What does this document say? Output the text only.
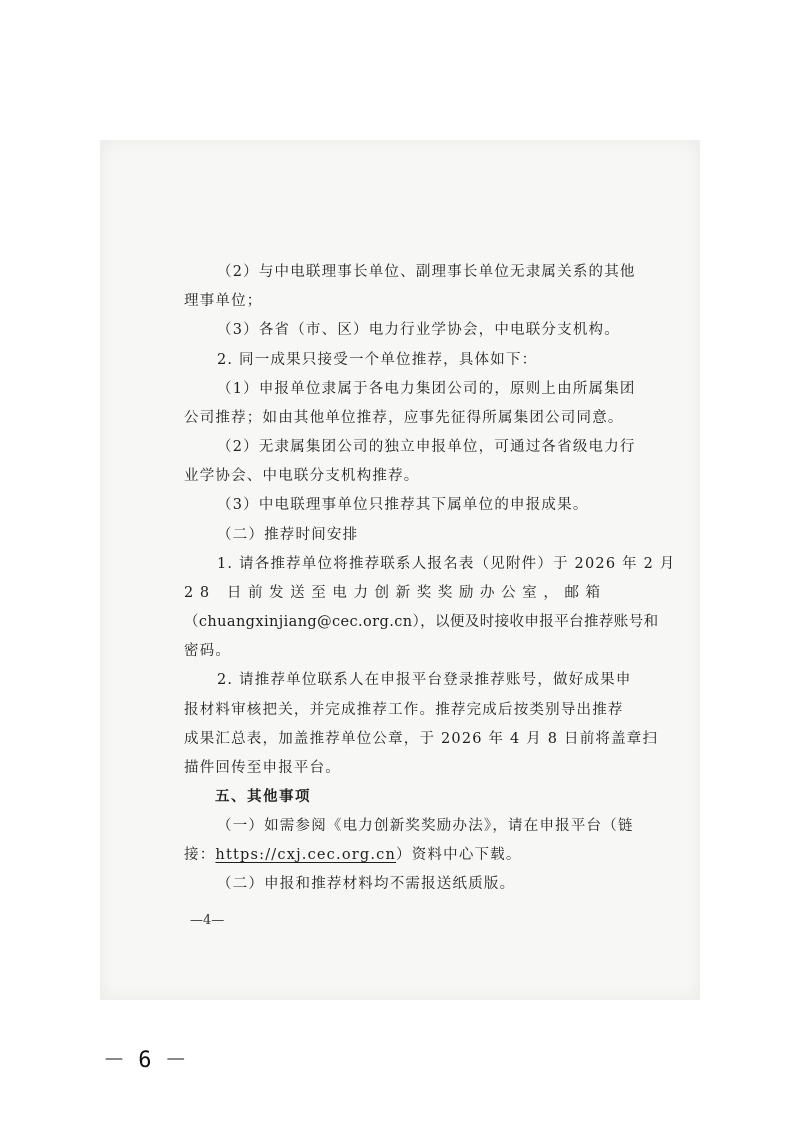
（2）与中电联理事长单位、副理事长单位无隶属关系的其他
理事单位；
（3）各省（市、区）电力行业学协会，中电联分支机构。
2. 同一成果只接受一个单位推荐，具体如下：
（1）申报单位隶属于各电力集团公司的，原则上由所属集团
公司推荐；如由其他单位推荐，应事先征得所属集团公司同意。
（2）无隶属集团公司的独立申报单位，可通过各省级电力行
业学协会、中电联分支机构推荐。
（3）中电联理事单位只推荐其下属单位的申报成果。
（二）推荐时间安排
1. 请各推荐单位将推荐联系人报名表（见附件）于 2026 年 2 月
28 日前发送至电力创新奖奖励办公室，邮箱
（chuangxinjiang@cec.org.cn），以便及时接收申报平台推荐账号和
密码。
2. 请推荐单位联系人在申报平台登录推荐账号，做好成果申
报材料审核把关，并完成推荐工作。推荐完成后按类别导出推荐
成果汇总表，加盖推荐单位公章，于 2026 年 4 月 8 日前将盖章扫
描件回传至申报平台。
五、其他事项
（一）如需参阅《电力创新奖奖励办法》，请在申报平台（链
接：https://cxj.cec.org.cn）资料中心下载。
（二）申报和推荐材料均不需报送纸质版。
—4—
－ 6 －
